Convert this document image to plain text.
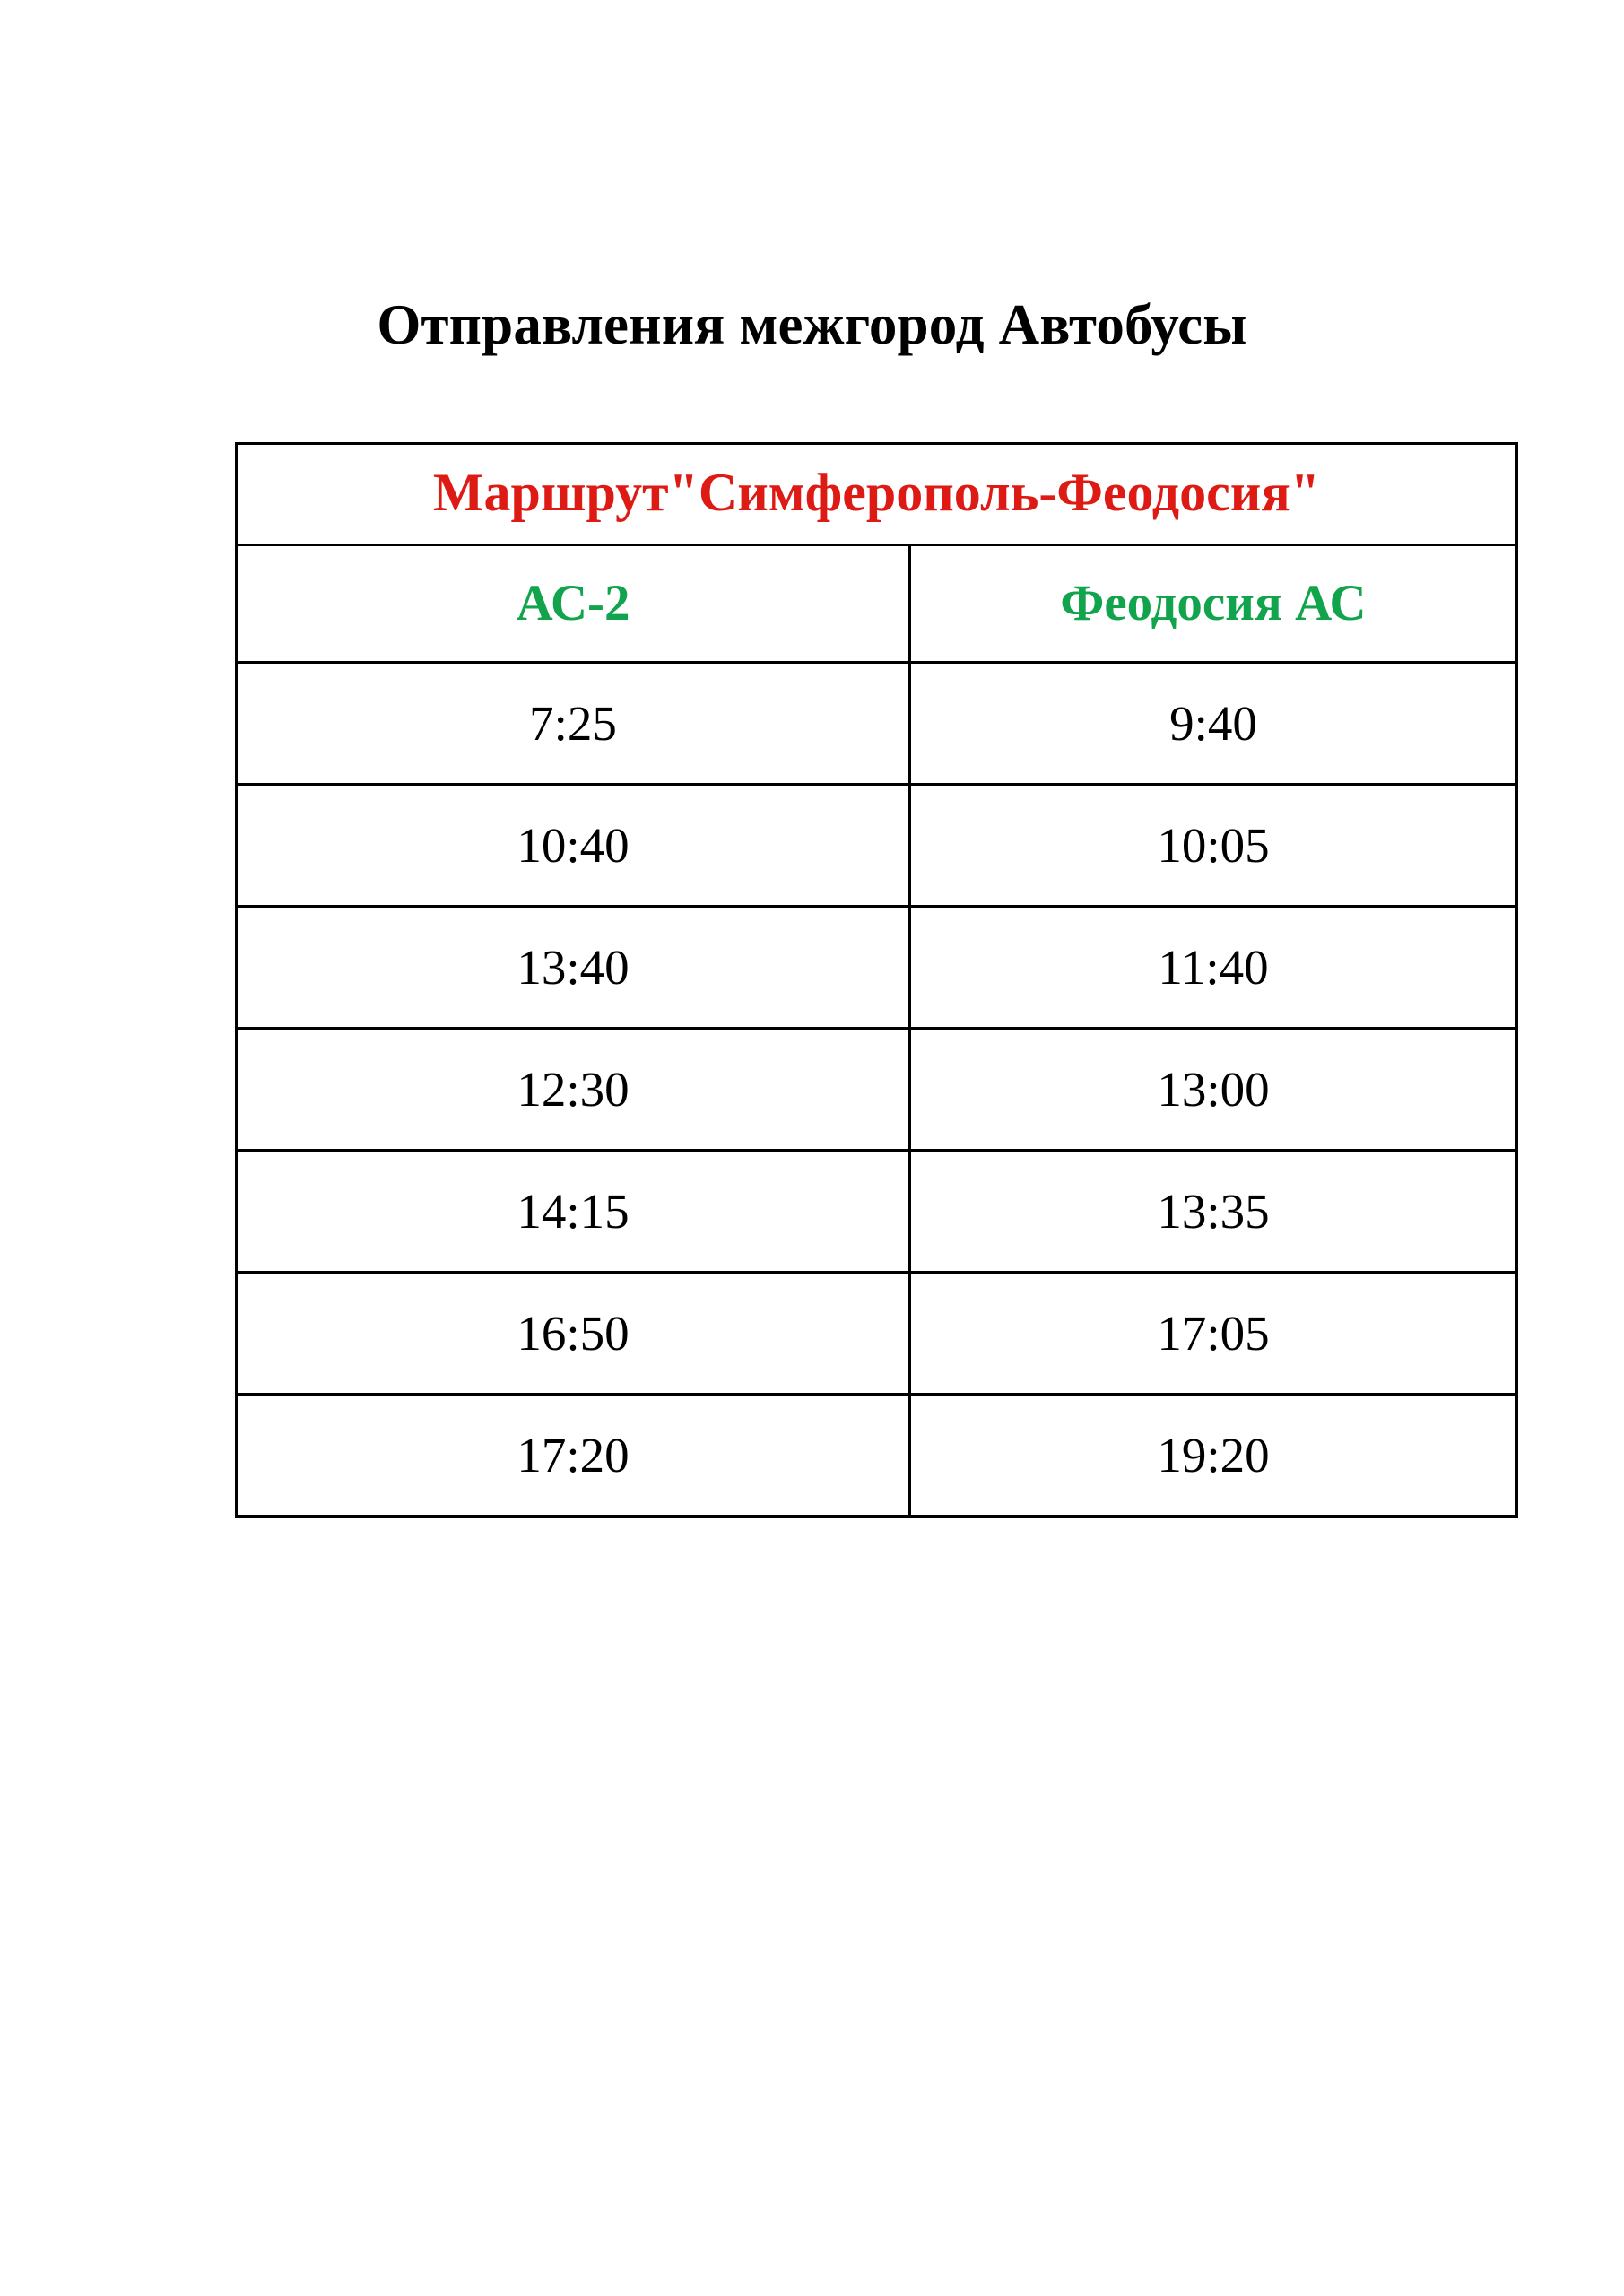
Отправления межгород Автобусы
Маршрут"Симферополь-Феодосия"	

АС-2	Феодосия АС

7:25	9:40

10:40	10:05

13:40	11:40

12:30	13:00

14:15	13:35

16:50	17:05

17:20	19:20
